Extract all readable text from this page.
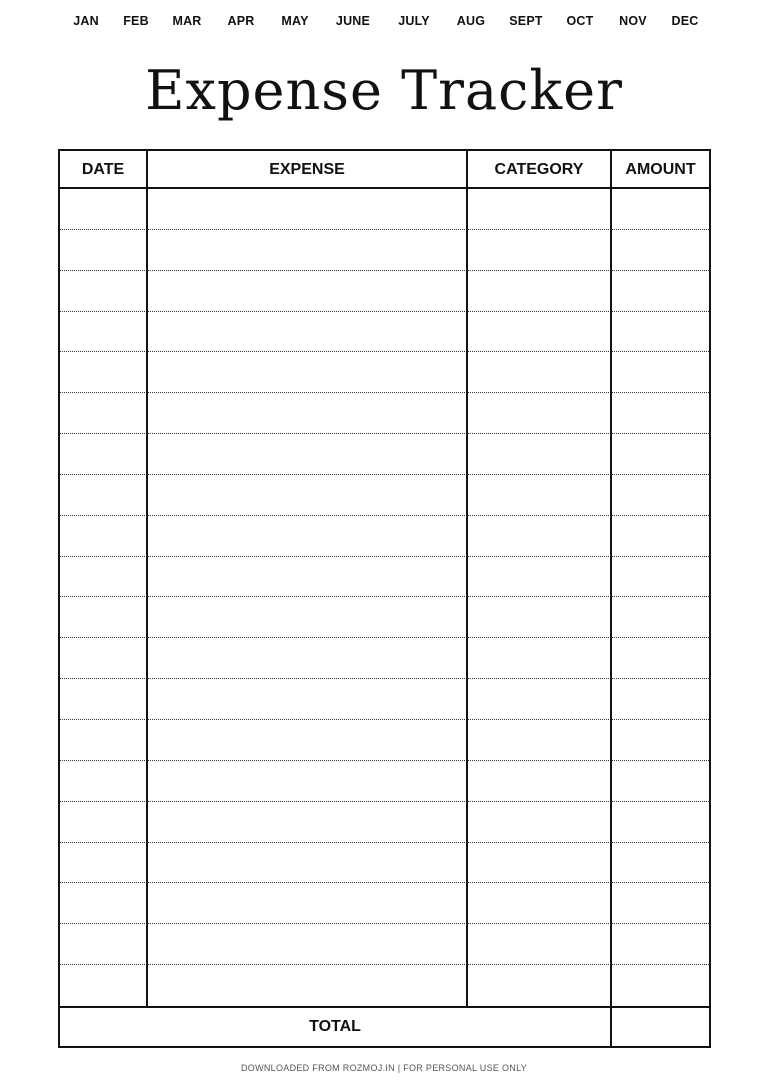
JAN FEB MAR APR MAY JUNE JULY AUG SEPT OCT NOV DEC
Expense Tracker
DATE	EXPENSE	CATEGORY	AMOUNT
TOTAL
DOWNLOADED FROM ROZMOJ.IN | FOR PERSONAL USE ONLY
